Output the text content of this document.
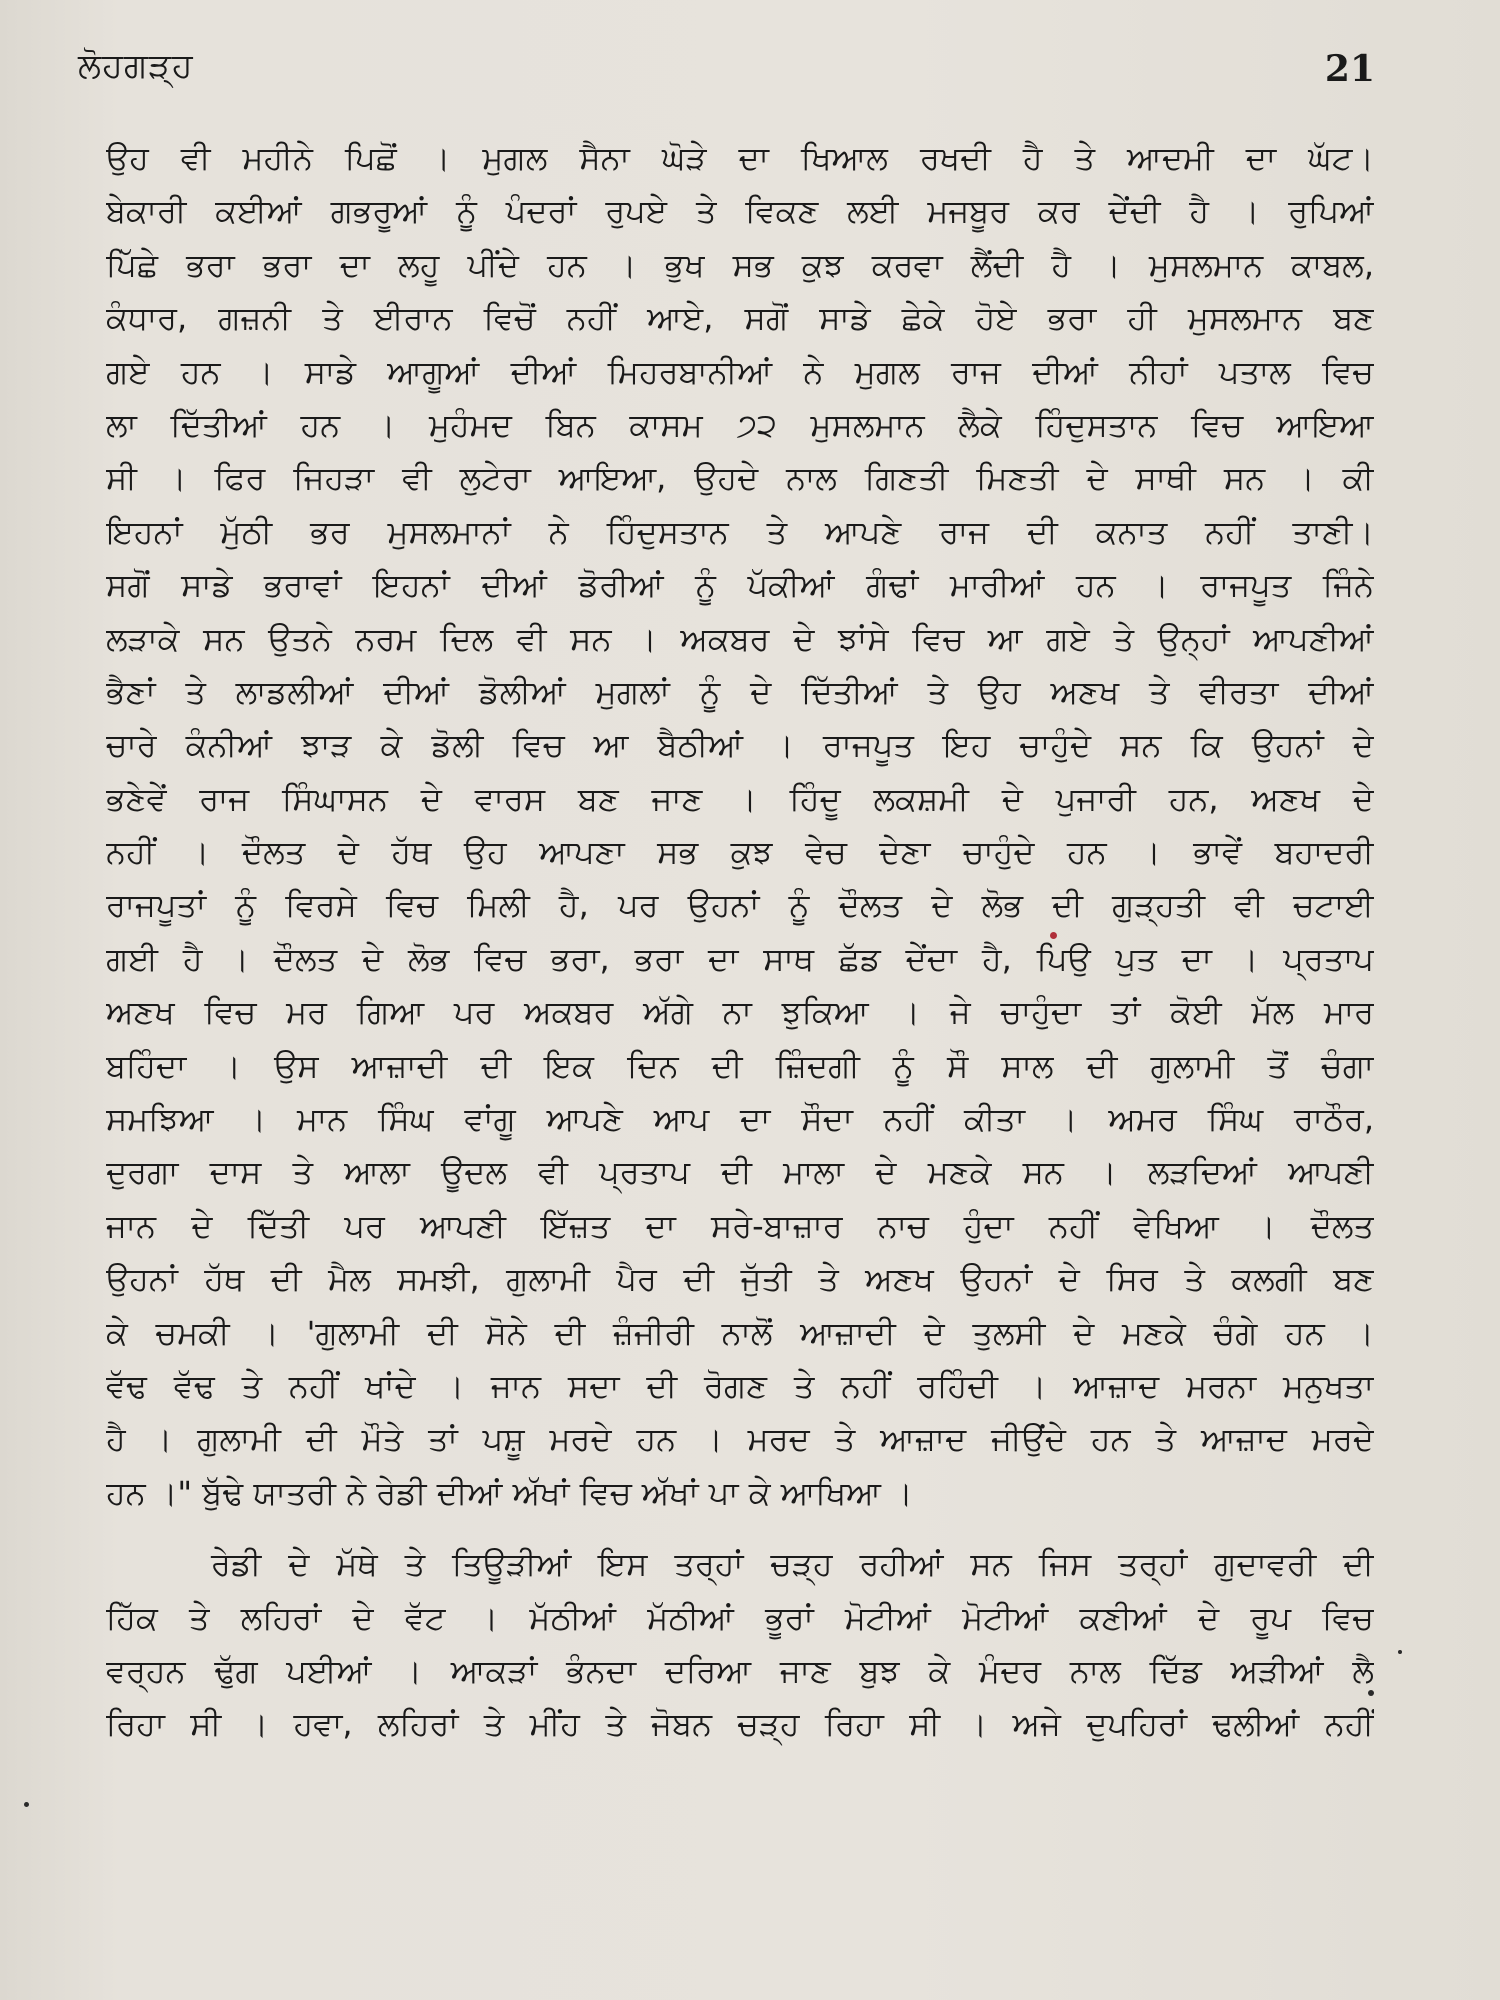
ਲੋਹਗੜ੍ਹ	21
ਉਹ ਵੀ ਮਹੀਨੇ ਪਿਛੋਂ । ਮੁਗਲ ਸੈਨਾ ਘੋੜੇ ਦਾ ਖਿਆਲ ਰਖਦੀ ਹੈ ਤੇ ਆਦਮੀ ਦਾ ਘੱਟ।
ਬੇਕਾਰੀ ਕਈਆਂ ਗਭਰੂਆਂ ਨੂੰ ਪੰਦਰਾਂ ਰੁਪਏ ਤੇ ਵਿਕਣ ਲਈ ਮਜਬੂਰ ਕਰ ਦੇਂਦੀ ਹੈ । ਰੁਪਿਆਂ
ਪਿੱਛੇ ਭਰਾ ਭਰਾ ਦਾ ਲਹੂ ਪੀਂਦੇ ਹਨ । ਭੁਖ ਸਭ ਕੁਝ ਕਰਵਾ ਲੈਂਦੀ ਹੈ । ਮੁਸਲਮਾਨ ਕਾਬਲ,
ਕੰਧਾਰ, ਗਜ਼ਨੀ ਤੇ ਈਰਾਨ ਵਿਚੋਂ ਨਹੀਂ ਆਏ, ਸਗੋਂ ਸਾਡੇ ਛੇਕੇ ਹੋਏ ਭਰਾ ਹੀ ਮੁਸਲਮਾਨ ਬਣ
ਗਏ ਹਨ । ਸਾਡੇ ਆਗੂਆਂ ਦੀਆਂ ਮਿਹਰਬਾਨੀਆਂ ਨੇ ਮੁਗਲ ਰਾਜ ਦੀਆਂ ਨੀਹਾਂ ਪਤਾਲ ਵਿਚ
ਲਾ ਦਿੱਤੀਆਂ ਹਨ । ਮੁਹੰਮਦ ਬਿਨ ਕਾਸਮ ੭੨ ਮੁਸਲਮਾਨ ਲੈਕੇ ਹਿੰਦੁਸਤਾਨ ਵਿਚ ਆਇਆ
ਸੀ । ਫਿਰ ਜਿਹੜਾ ਵੀ ਲੁਟੇਰਾ ਆਇਆ, ਉਹਦੇ ਨਾਲ ਗਿਣਤੀ ਮਿਣਤੀ ਦੇ ਸਾਥੀ ਸਨ । ਕੀ
ਇਹਨਾਂ ਮੁੱਠੀ ਭਰ ਮੁਸਲਮਾਨਾਂ ਨੇ ਹਿੰਦੁਸਤਾਨ ਤੇ ਆਪਣੇ ਰਾਜ ਦੀ ਕਨਾਤ ਨਹੀਂ ਤਾਣੀ।
ਸਗੋਂ ਸਾਡੇ ਭਰਾਵਾਂ ਇਹਨਾਂ ਦੀਆਂ ਡੋਰੀਆਂ ਨੂੰ ਪੱਕੀਆਂ ਗੰਢਾਂ ਮਾਰੀਆਂ ਹਨ । ਰਾਜਪੂਤ ਜਿੰਨੇ
ਲੜਾਕੇ ਸਨ ਉਤਨੇ ਨਰਮ ਦਿਲ ਵੀ ਸਨ । ਅਕਬਰ ਦੇ ਝਾਂਸੇ ਵਿਚ ਆ ਗਏ ਤੇ ਉਨ੍ਹਾਂ ਆਪਣੀਆਂ
ਭੈਣਾਂ ਤੇ ਲਾਡਲੀਆਂ ਦੀਆਂ ਡੋਲੀਆਂ ਮੁਗਲਾਂ ਨੂੰ ਦੇ ਦਿੱਤੀਆਂ ਤੇ ਉਹ ਅਣਖ ਤੇ ਵੀਰਤਾ ਦੀਆਂ
ਚਾਰੇ ਕੰਨੀਆਂ ਝਾੜ ਕੇ ਡੋਲੀ ਵਿਚ ਆ ਬੈਠੀਆਂ । ਰਾਜਪੂਤ ਇਹ ਚਾਹੁੰਦੇ ਸਨ ਕਿ ਉਹਨਾਂ ਦੇ
ਭਣੇਵੇਂ ਰਾਜ ਸਿੰਘਾਸਨ ਦੇ ਵਾਰਸ ਬਣ ਜਾਣ । ਹਿੰਦੂ ਲਕਸ਼ਮੀ ਦੇ ਪੁਜਾਰੀ ਹਨ, ਅਣਖ ਦੇ
ਨਹੀਂ । ਦੌਲਤ ਦੇ ਹੱਥ ਉਹ ਆਪਣਾ ਸਭ ਕੁਝ ਵੇਚ ਦੇਣਾ ਚਾਹੁੰਦੇ ਹਨ । ਭਾਵੇਂ ਬਹਾਦਰੀ
ਰਾਜਪੂਤਾਂ ਨੂੰ ਵਿਰਸੇ ਵਿਚ ਮਿਲੀ ਹੈ, ਪਰ ਉਹਨਾਂ ਨੂੰ ਦੌਲਤ ਦੇ ਲੋਭ ਦੀ ਗੁੜ੍ਹਤੀ ਵੀ ਚਟਾਈ
ਗਈ ਹੈ । ਦੌਲਤ ਦੇ ਲੋਭ ਵਿਚ ਭਰਾ, ਭਰਾ ਦਾ ਸਾਥ ਛੱਡ ਦੇਂਦਾ ਹੈ, ਪਿਉ ਪੁਤ ਦਾ । ਪ੍ਰਤਾਪ
ਅਣਖ ਵਿਚ ਮਰ ਗਿਆ ਪਰ ਅਕਬਰ ਅੱਗੇ ਨਾ ਝੁਕਿਆ । ਜੇ ਚਾਹੁੰਦਾ ਤਾਂ ਕੋਈ ਮੱਲ ਮਾਰ
ਬਹਿੰਦਾ । ਉਸ ਆਜ਼ਾਦੀ ਦੀ ਇਕ ਦਿਨ ਦੀ ਜ਼ਿੰਦਗੀ ਨੂੰ ਸੌ ਸਾਲ ਦੀ ਗੁਲਾਮੀ ਤੋਂ ਚੰਗਾ
ਸਮਝਿਆ । ਮਾਨ ਸਿੰਘ ਵਾਂਗੂ ਆਪਣੇ ਆਪ ਦਾ ਸੌਦਾ ਨਹੀਂ ਕੀਤਾ । ਅਮਰ ਸਿੰਘ ਰਾਠੌਰ,
ਦੁਰਗਾ ਦਾਸ ਤੇ ਆਲਾ ਊਦਲ ਵੀ ਪ੍ਰਤਾਪ ਦੀ ਮਾਲਾ ਦੇ ਮਣਕੇ ਸਨ । ਲੜਦਿਆਂ ਆਪਣੀ
ਜਾਨ ਦੇ ਦਿੱਤੀ ਪਰ ਆਪਣੀ ਇੱਜ਼ਤ ਦਾ ਸਰੇ-ਬਾਜ਼ਾਰ ਨਾਚ ਹੁੰਦਾ ਨਹੀਂ ਵੇਖਿਆ । ਦੌਲਤ
ਉਹਨਾਂ ਹੱਥ ਦੀ ਮੈਲ ਸਮਝੀ, ਗੁਲਾਮੀ ਪੈਰ ਦੀ ਜੁੱਤੀ ਤੇ ਅਣਖ ਉਹਨਾਂ ਦੇ ਸਿਰ ਤੇ ਕਲਗੀ ਬਣ
ਕੇ ਚਮਕੀ । 'ਗੁਲਾਮੀ ਦੀ ਸੋਨੇ ਦੀ ਜ਼ੰਜੀਰੀ ਨਾਲੋਂ ਆਜ਼ਾਦੀ ਦੇ ਤੁਲਸੀ ਦੇ ਮਣਕੇ ਚੰਗੇ ਹਨ ।
ਵੱਢ ਵੱਢ ਤੇ ਨਹੀਂ ਖਾਂਦੇ । ਜਾਨ ਸਦਾ ਦੀ ਰੋਗਣ ਤੇ ਨਹੀਂ ਰਹਿੰਦੀ । ਆਜ਼ਾਦ ਮਰਨਾ ਮਨੁਖਤਾ
ਹੈ । ਗੁਲਾਮੀ ਦੀ ਮੌਤੇ ਤਾਂ ਪਸ਼ੂ ਮਰਦੇ ਹਨ । ਮਰਦ ਤੇ ਆਜ਼ਾਦ ਜੀਉਂਦੇ ਹਨ ਤੇ ਆਜ਼ਾਦ ਮਰਦੇ
ਹਨ ।" ਬੁੱਢੇ ਯਾਤਰੀ ਨੇ ਰੇਡੀ ਦੀਆਂ ਅੱਖਾਂ ਵਿਚ ਅੱਖਾਂ ਪਾ ਕੇ ਆਖਿਆ ।
ਰੇਡੀ ਦੇ ਮੱਥੇ ਤੇ ਤਿਊੜੀਆਂ ਇਸ ਤਰ੍ਹਾਂ ਚੜ੍ਹ ਰਹੀਆਂ ਸਨ ਜਿਸ ਤਰ੍ਹਾਂ ਗੁਦਾਵਰੀ ਦੀ
ਹਿੱਕ ਤੇ ਲਹਿਰਾਂ ਦੇ ਵੱਟ । ਮੱਠੀਆਂ ਮੱਠੀਆਂ ਭੂਰਾਂ ਮੋਟੀਆਂ ਮੋਟੀਆਂ ਕਣੀਆਂ ਦੇ ਰੂਪ ਵਿਚ
ਵਰ੍ਹਨ ਢੁੱਗ ਪਈਆਂ । ਆਕੜਾਂ ਭੰਨਦਾ ਦਰਿਆ ਜਾਣ ਬੁਝ ਕੇ ਮੰਦਰ ਨਾਲ ਦਿੱਡ ਅੜੀਆਂ ਲੈ
ਰਿਹਾ ਸੀ । ਹਵਾ, ਲਹਿਰਾਂ ਤੇ ਮੀਂਹ ਤੇ ਜੋਬਨ ਚੜ੍ਹ ਰਿਹਾ ਸੀ । ਅਜੇ ਦੁਪਹਿਰਾਂ ਢਲੀਆਂ ਨਹੀਂ
